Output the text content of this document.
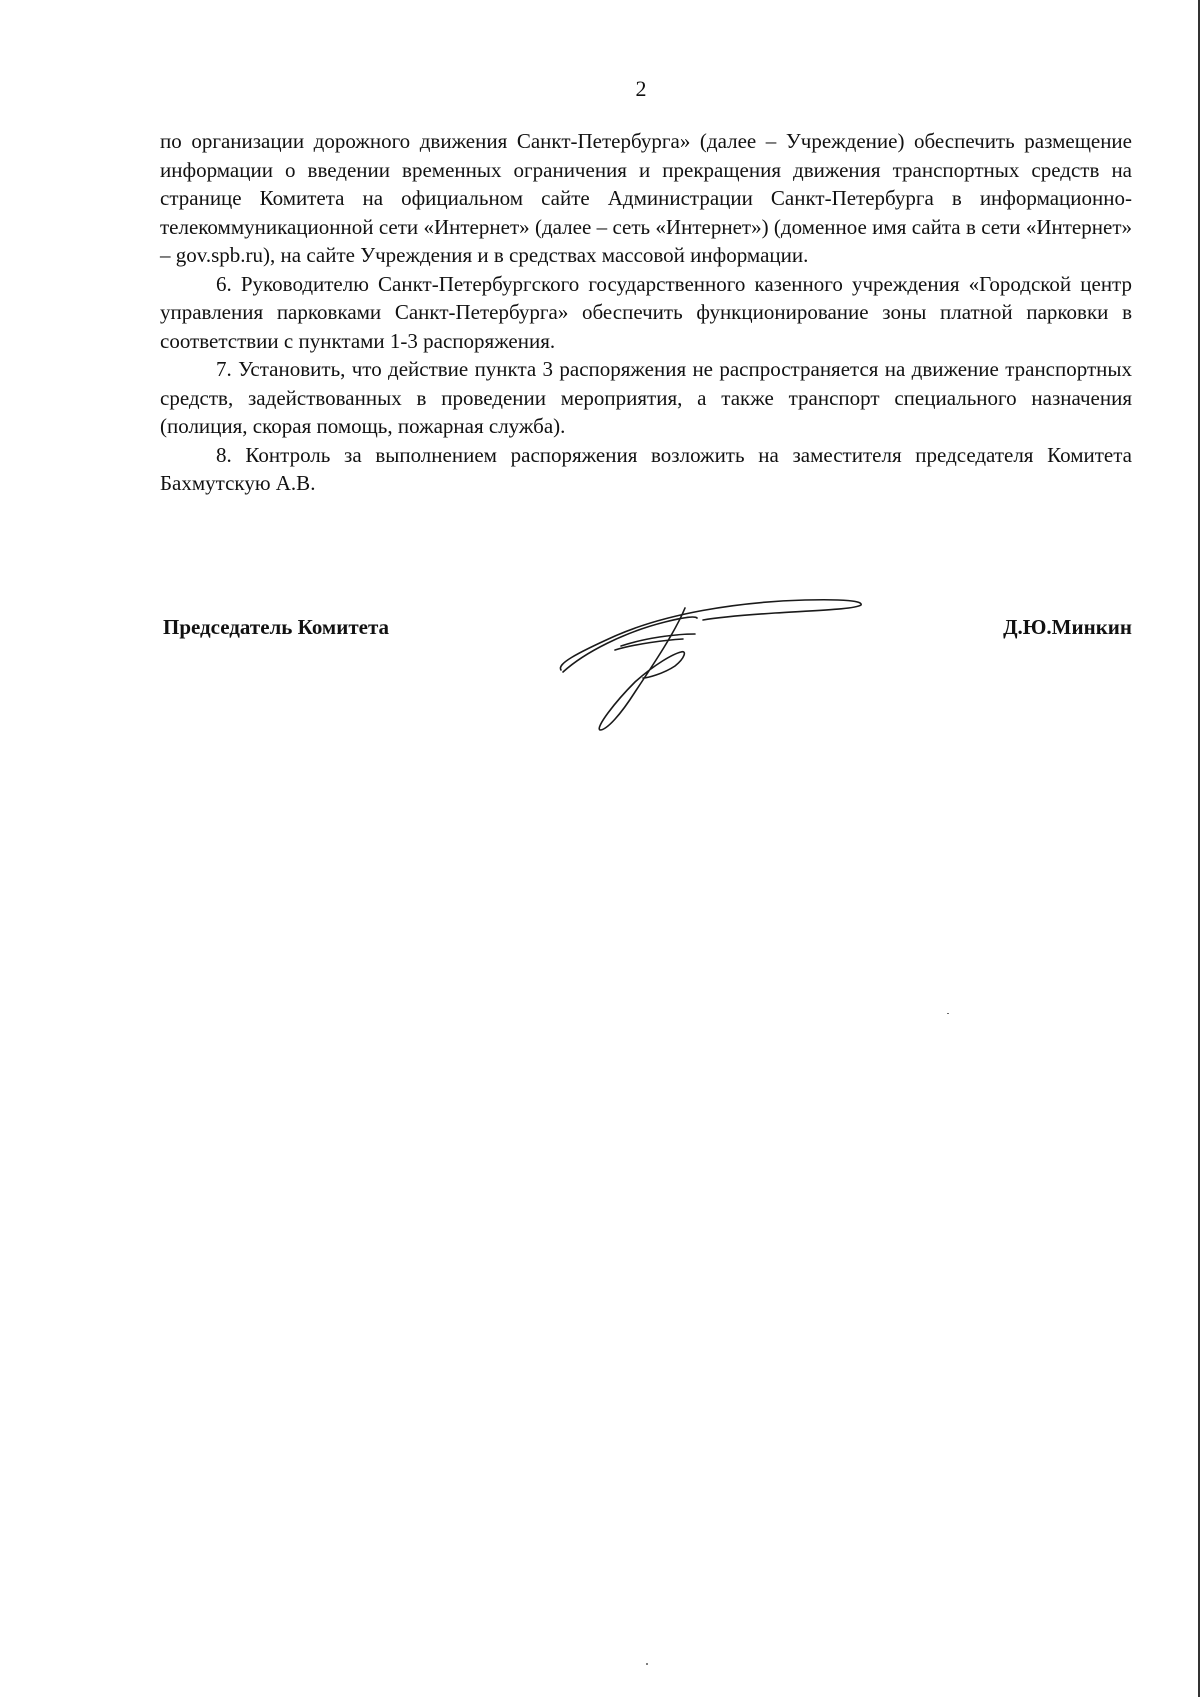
2

по организации дорожного движения Санкт-Петербурга» (далее – Учреждение) обеспечить размещение информации о введении временных ограничения и прекращения движения транспортных средств на странице Комитета на официальном сайте Администрации Санкт-Петербурга в информационно-телекоммуникационной сети «Интернет» (далее – сеть «Интернет») (доменное имя сайта в сети «Интернет» – gov.spb.ru), на сайте Учреждения и в средствах массовой информации.

6. Руководителю Санкт-Петербургского государственного казенного учреждения «Городской центр управления парковками Санкт-Петербурга» обеспечить функционирование зоны платной парковки в соответствии с пунктами 1-3 распоряжения.

7. Установить, что действие пункта 3 распоряжения не распространяется на движение транспортных средств, задействованных в проведении мероприятия, а также транспорт специального назначения (полиция, скорая помощь, пожарная служба).

8. Контроль за выполнением распоряжения возложить на заместителя председателя Комитета Бахмутскую А.В.

Председатель Комитета	Д.Ю.Минкин
